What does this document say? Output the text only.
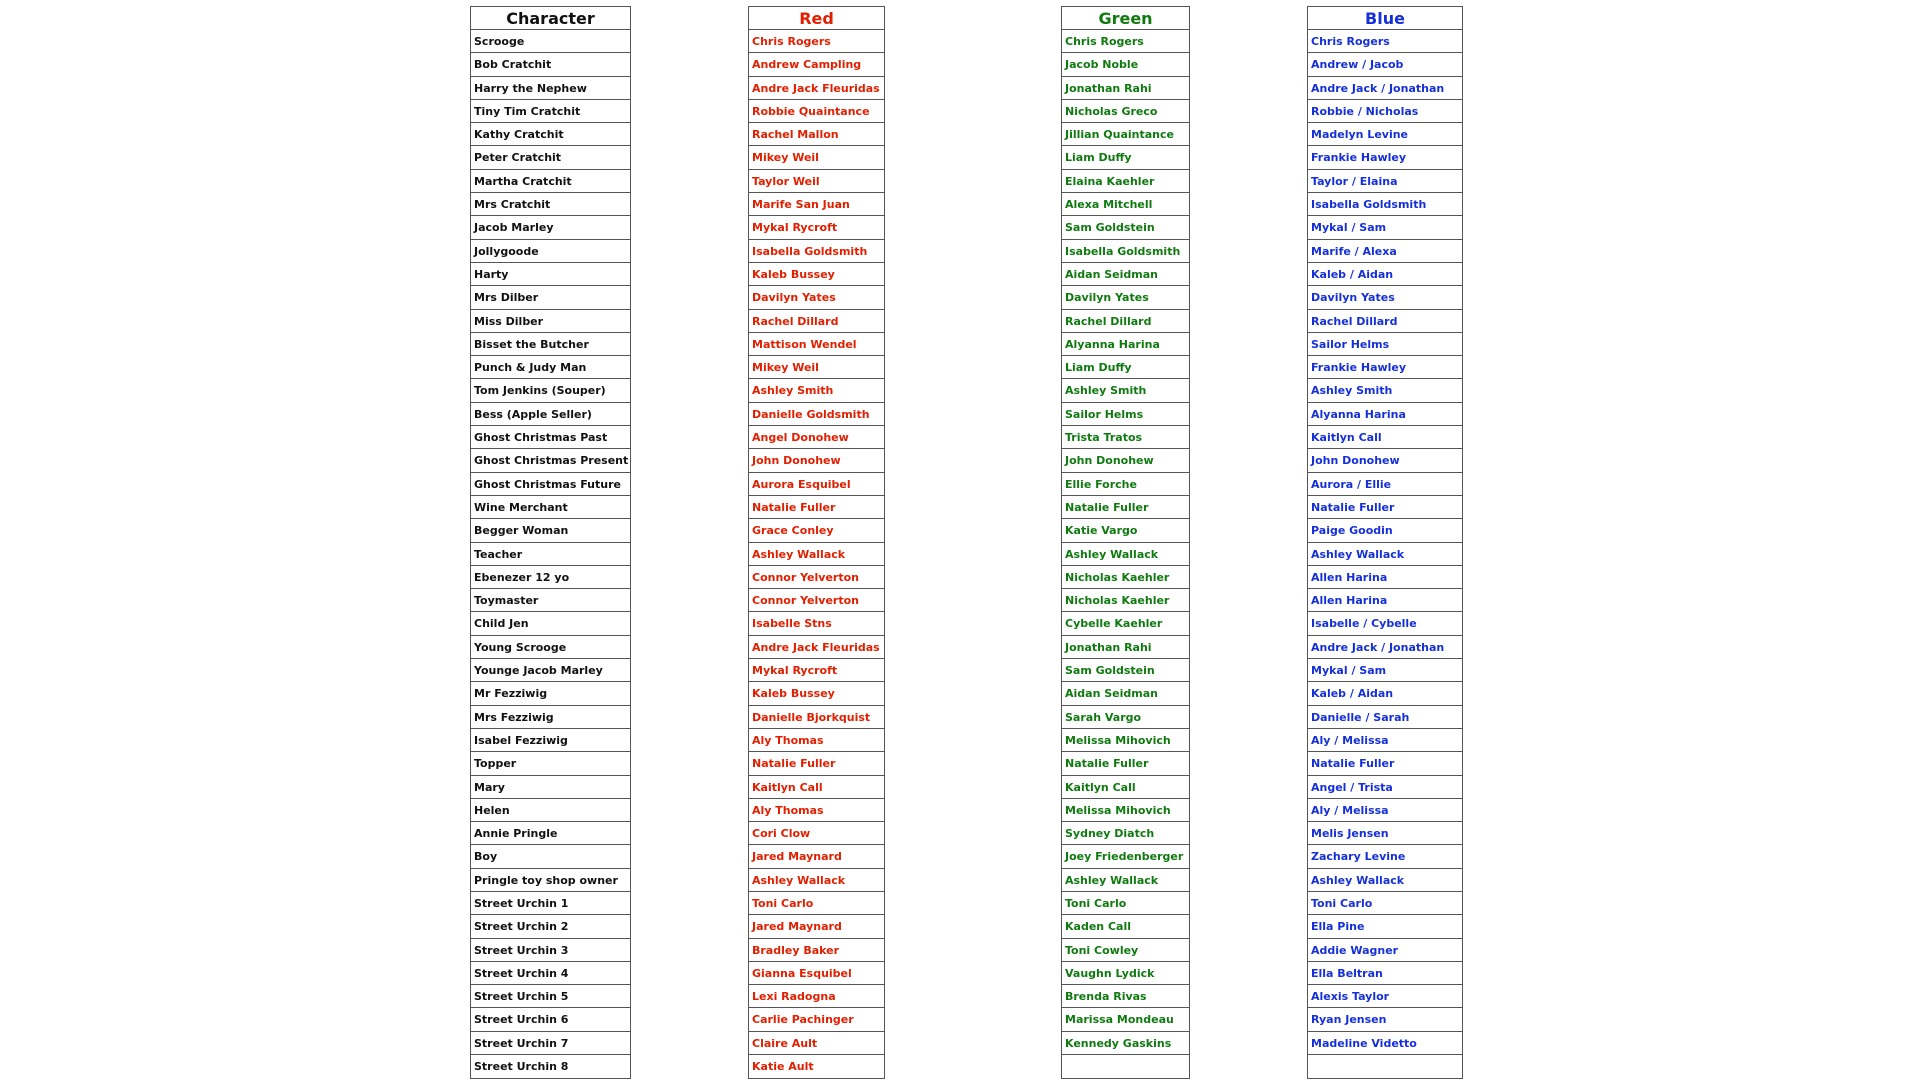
Character
Scrooge
Bob Cratchit
Harry the Nephew
Tiny Tim Cratchit
Kathy Cratchit
Peter Cratchit
Martha Cratchit
Mrs Cratchit
Jacob Marley
Jollygoode
Harty
Mrs Dilber
Miss Dilber
Bisset the Butcher
Punch & Judy Man
Tom Jenkins (Souper)
Bess (Apple Seller)
Ghost Christmas Past
Ghost Christmas Present
Ghost Christmas Future
Wine Merchant
Begger Woman
Teacher
Ebenezer 12 yo
Toymaster
Child Jen
Young Scrooge
Younge Jacob Marley
Mr Fezziwig
Mrs Fezziwig
Isabel Fezziwig
Topper
Mary
Helen
Annie Pringle
Boy
Pringle toy shop owner
Street Urchin 1
Street Urchin 2
Street Urchin 3
Street Urchin 4
Street Urchin 5
Street Urchin 6
Street Urchin 7
Street Urchin 8
Red
Chris Rogers
Andrew Campling
Andre Jack Fleuridas
Robbie Quaintance
Rachel Mallon
Mikey Weil
Taylor Weil
Marife San Juan
Mykal Rycroft
Isabella Goldsmith
Kaleb Bussey
Davilyn Yates
Rachel Dillard
Mattison Wendel
Mikey Weil
Ashley Smith
Danielle Goldsmith
Angel Donohew
John Donohew
Aurora Esquibel
Natalie Fuller
Grace Conley
Ashley Wallack
Connor Yelverton
Connor Yelverton
Isabelle Stns
Andre Jack Fleuridas
Mykal Rycroft
Kaleb Bussey
Danielle Bjorkquist
Aly Thomas
Natalie Fuller
Kaitlyn Call
Aly Thomas
Cori Clow
Jared Maynard
Ashley Wallack
Toni Carlo
Jared Maynard
Bradley Baker
Gianna Esquibel
Lexi Radogna
Carlie Pachinger
Claire Ault
Katie Ault
Green
Chris Rogers
Jacob Noble
Jonathan Rahi
Nicholas Greco
Jillian Quaintance
Liam Duffy
Elaina Kaehler
Alexa Mitchell
Sam Goldstein
Isabella Goldsmith
Aidan Seidman
Davilyn Yates
Rachel Dillard
Alyanna Harina
Liam Duffy
Ashley Smith
Sailor Helms
Trista Tratos
John Donohew
Ellie Forche
Natalie Fuller
Katie Vargo
Ashley Wallack
Nicholas Kaehler
Nicholas Kaehler
Cybelle Kaehler
Jonathan Rahi
Sam Goldstein
Aidan Seidman
Sarah Vargo
Melissa Mihovich
Natalie Fuller
Kaitlyn Call
Melissa Mihovich
Sydney Diatch
Joey Friedenberger
Ashley Wallack
Toni Carlo
Kaden Call
Toni Cowley
Vaughn Lydick
Brenda Rivas
Marissa Mondeau
Kennedy Gaskins
Blue
Chris Rogers
Andrew / Jacob
Andre Jack / Jonathan
Robbie / Nicholas
Madelyn Levine
Frankie Hawley
Taylor / Elaina
Isabella Goldsmith
Mykal / Sam
Marife / Alexa
Kaleb / Aidan
Davilyn Yates
Rachel Dillard
Sailor Helms
Frankie Hawley
Ashley Smith
Alyanna Harina
Kaitlyn Call
John Donohew
Aurora / Ellie
Natalie Fuller
Paige Goodin
Ashley Wallack
Allen Harina
Allen Harina
Isabelle / Cybelle
Andre Jack / Jonathan
Mykal / Sam
Kaleb / Aidan
Danielle / Sarah
Aly / Melissa
Natalie Fuller
Angel / Trista
Aly / Melissa
Melis Jensen
Zachary Levine
Ashley Wallack
Toni Carlo
Ella Pine
Addie Wagner
Ella Beltran
Alexis Taylor
Ryan Jensen
Madeline Videtto
